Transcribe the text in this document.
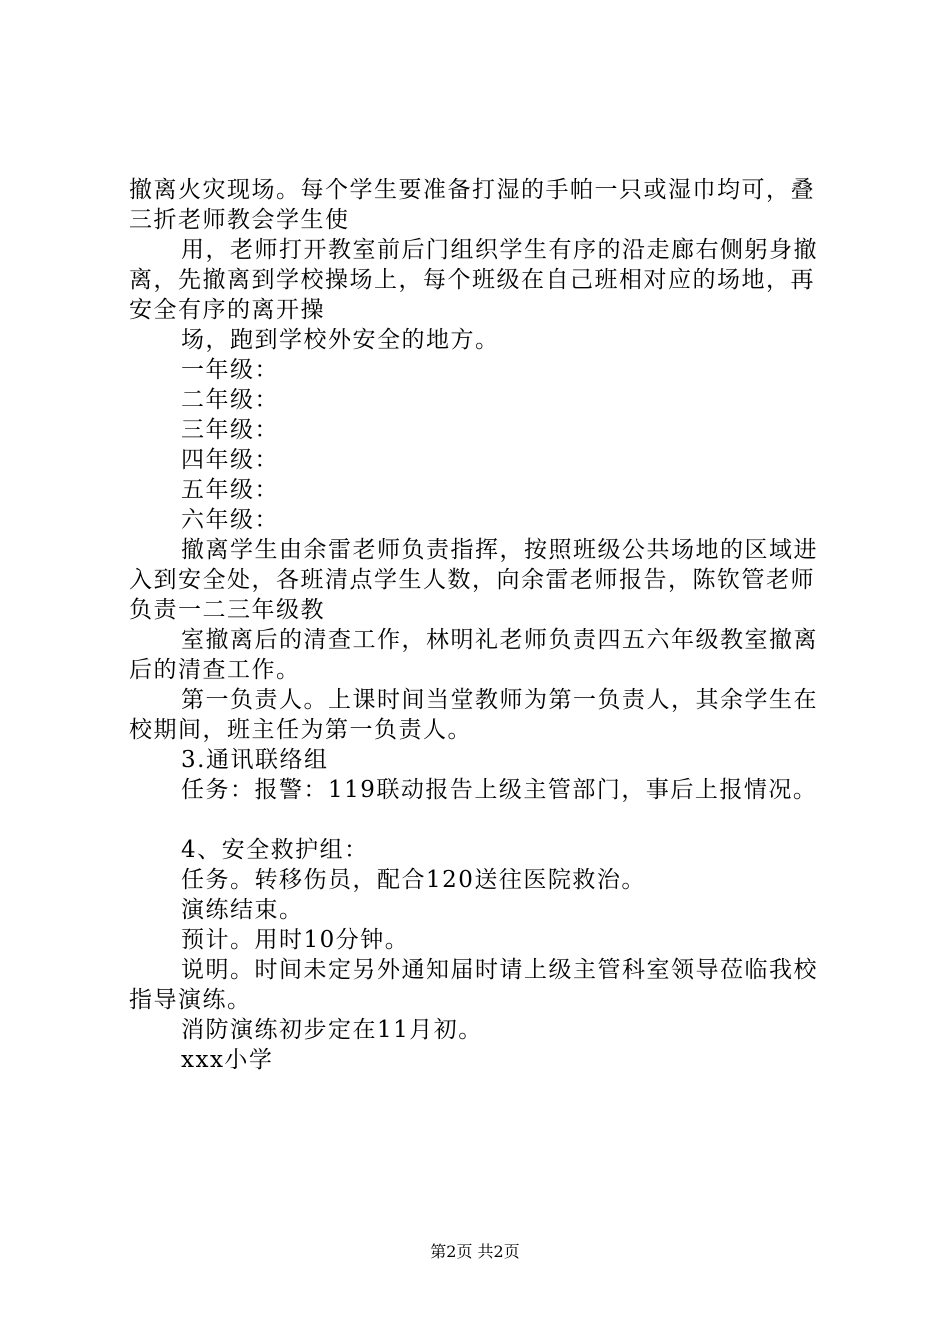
撤离火灾现场。每个学生要准备打湿的手帕一只或湿巾均可，叠三折老师教会学生使

用，老师打开教室前后门组织学生有序的沿走廊右侧躬身撤离，先撤离到学校操场上，每个班级在自己班相对应的场地，再安全有序的离开操

场，跑到学校外安全的地方。

一年级：

二年级：

三年级：

四年级：

五年级：

六年级：

撤离学生由余雷老师负责指挥，按照班级公共场地的区域进入到安全处，各班清点学生人数，向余雷老师报告，陈钦管老师负责一二三年级教

室撤离后的清查工作，林明礼老师负责四五六年级教室撤离后的清查工作。

第一负责人。上课时间当堂教师为第一负责人，其余学生在校期间，班主任为第一负责人。

3.通讯联络组

任务：报警：119联动报告上级主管部门，事后上报情况。

4、安全救护组：

任务。转移伤员，配合120送往医院救治。

演练结束。

预计。用时10分钟。

说明。时间未定另外通知届时请上级主管科室领导莅临我校指导演练。

消防演练初步定在11月初。

xxx小学

第2页 共2页
